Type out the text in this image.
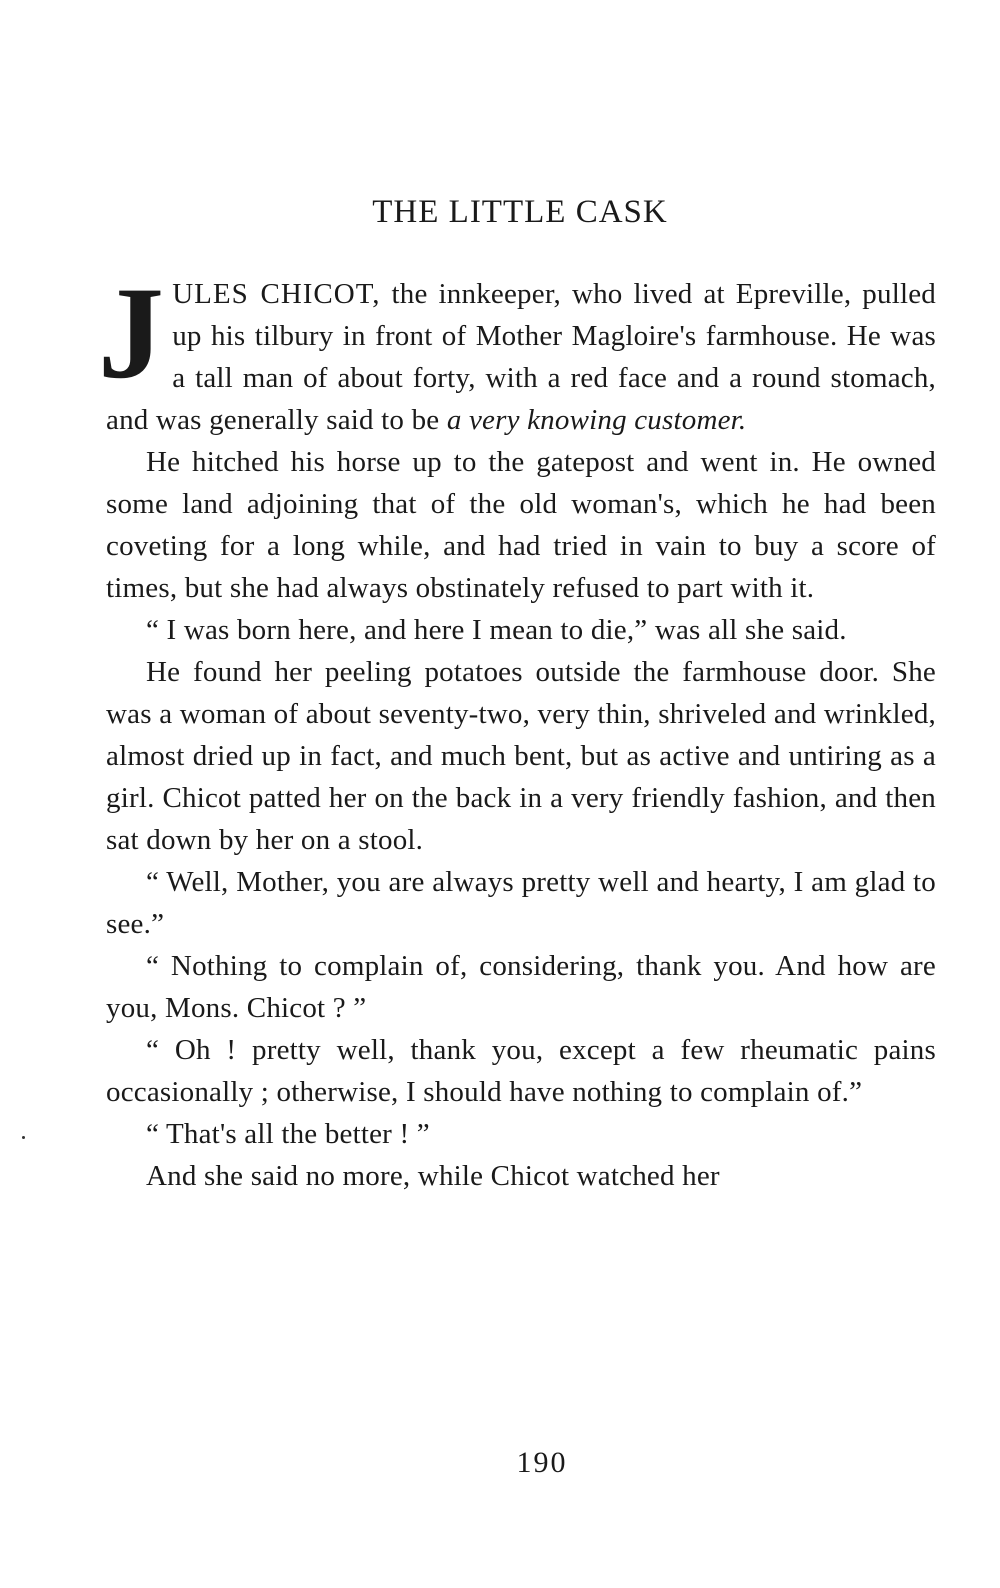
THE LITTLE CASK

JULES CHICOT, the innkeeper, who lived at Epreville, pulled up his tilbury in front of Mother Magloire's farmhouse. He was a tall man of about forty, with a red face and a round stomach, and was generally said to be a very knowing customer.

He hitched his horse up to the gatepost and went in. He owned some land adjoining that of the old woman's, which he had been coveting for a long while, and had tried in vain to buy a score of times, but she had always obstinately refused to part with it.

“ I was born here, and here I mean to die,” was all she said.

He found her peeling potatoes outside the farmhouse door. She was a woman of about seventy-two, very thin, shriveled and wrinkled, almost dried up in fact, and much bent, but as active and untiring as a girl. Chicot patted her on the back in a very friendly fashion, and then sat down by her on a stool.

“ Well, Mother, you are always pretty well and hearty, I am glad to see.”

“ Nothing to complain of, considering, thank you. And how are you, Mons. Chicot ? ”

“ Oh ! pretty well, thank you, except a few rheumatic pains occasionally ; otherwise, I should have nothing to complain of.”

“ That's all the better ! ”

And she said no more, while Chicot watched her

190
